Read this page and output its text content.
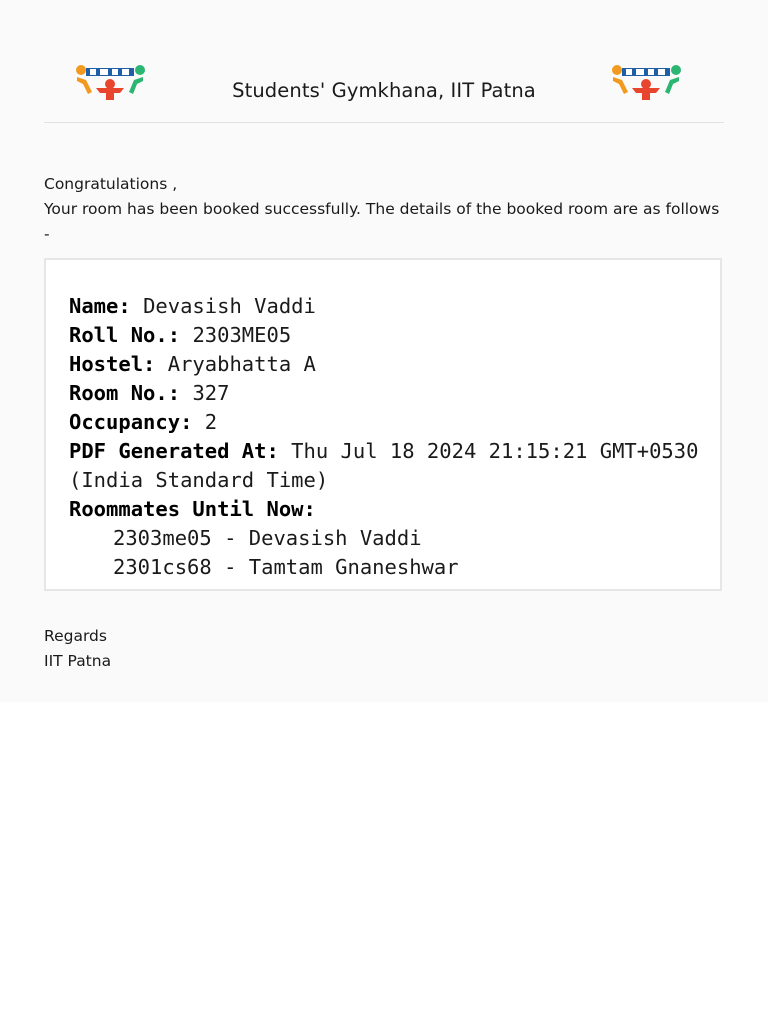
Students' Gymkhana, IIT Patna

Congratulations ,

Your room has been booked successfully. The details of the booked room are as follows -

Name: Devasish Vaddi
Roll No.: 2303ME05
Hostel: Aryabhatta A
Room No.: 327
Occupancy: 2
PDF Generated At: Thu Jul 18 2024 21:15:21 GMT+0530 (India Standard Time)
Roommates Until Now:
2303me05 - Devasish Vaddi
2301cs68 - Tamtam Gnaneshwar

Regards

IIT Patna
